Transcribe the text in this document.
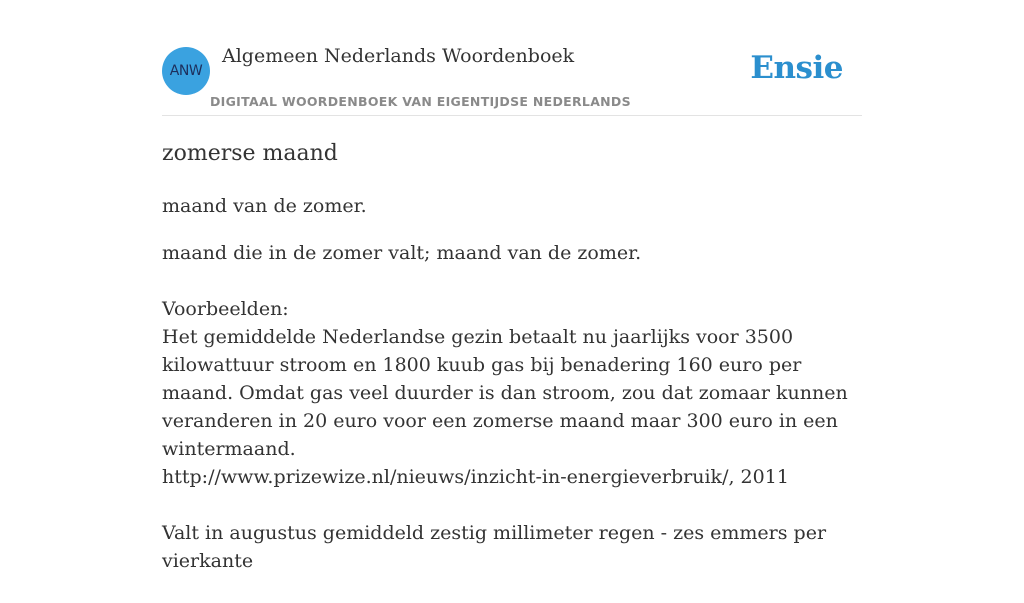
ANW
Algemeen Nederlands Woordenboek
DIGITAAL WOORDENBOEK VAN EIGENTIJDSE NEDERLANDS
Ensie
zomerse maand
maand van de zomer.
maand die in de zomer valt; maand van de zomer.
Voorbeelden:
Het gemiddelde Nederlandse gezin betaalt nu jaarlijks voor 3500 kilowattuur stroom en 1800 kuub gas bij benadering 160 euro per maand. Omdat gas veel duurder is dan stroom, zou dat zomaar kunnen veranderen in 20 euro voor een zomerse maand maar 300 euro in een wintermaand.
http://www.prizewize.nl/nieuws/inzicht-in-energieverbruik/, 2011
Valt in augustus gemiddeld zestig millimeter regen - zes emmers per vierkante
